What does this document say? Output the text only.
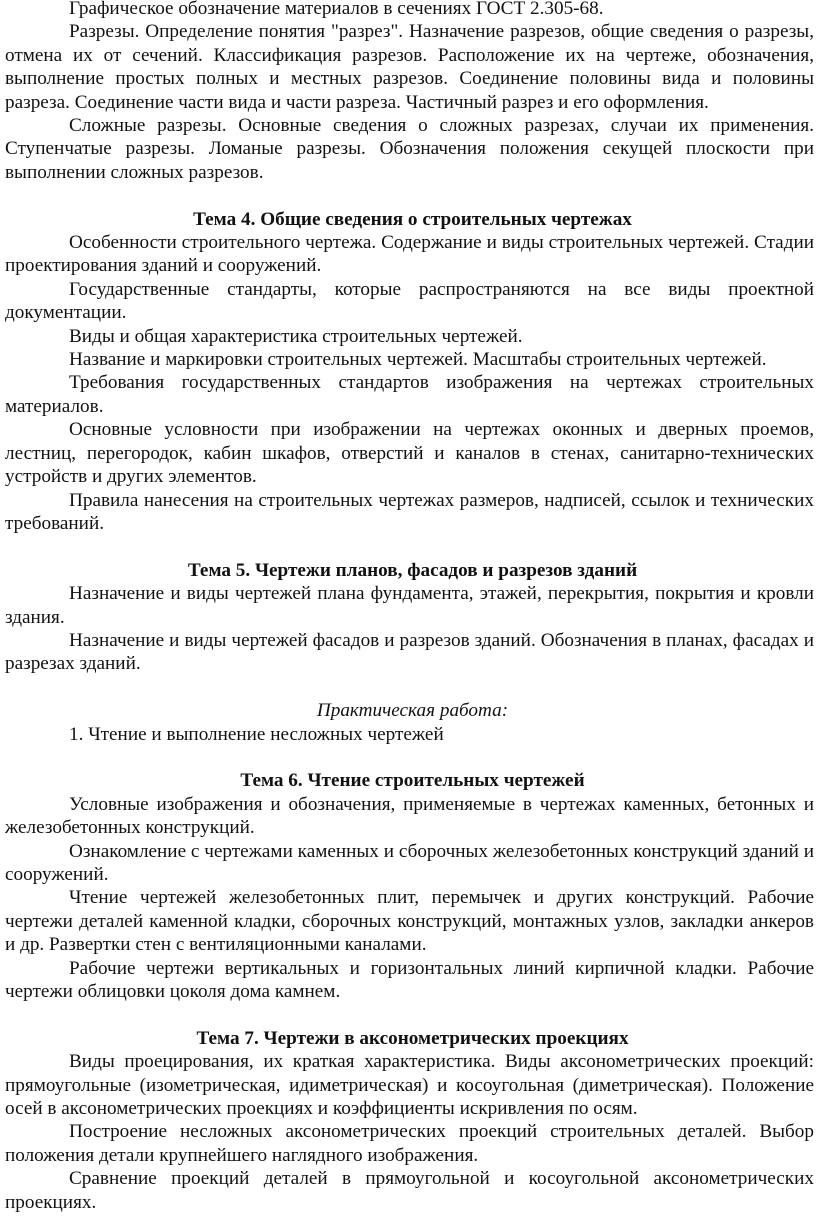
Графическое обозначение материалов в сечениях ГОСТ 2.305-68.

Разрезы. Определение понятия "разрез". Назначение разрезов, общие сведения о разрезы, отмена их от сечений. Классификация разрезов. Расположение их на чертеже, обозначения, выполнение простых полных и местных разрезов. Соединение половины вида и половины разреза. Соединение части вида и части разреза. Частичный разрез и его оформления.

Сложные разрезы. Основные сведения о сложных разрезах, случаи их применения. Ступенчатые разрезы. Ломаные разрезы. Обозначения положения секущей плоскости при выполнении сложных разрезов.

Тема 4. Общие сведения о строительных чертежах

Особенности строительного чертежа. Содержание и виды строительных чертежей. Стадии проектирования зданий и сооружений.

Государственные стандарты, которые распространяются на все виды проектной документации.

Виды и общая характеристика строительных чертежей.

Название и маркировки строительных чертежей. Масштабы строительных чертежей.

Требования государственных стандартов изображения на чертежах строительных материалов.

Основные условности при изображении на чертежах оконных и дверных проемов, лестниц, перегородок, кабин шкафов, отверстий и каналов в стенах, санитарно-технических устройств и других элементов.

Правила нанесения на строительных чертежах размеров, надписей, ссылок и технических требований.

Тема 5. Чертежи планов, фасадов и разрезов зданий

Назначение и виды чертежей плана фундамента, этажей, перекрытия, покрытия и кровли здания.

Назначение и виды чертежей фасадов и разрезов зданий. Обозначения в планах, фасадах и разрезах зданий.

Практическая работа:

1. Чтение и выполнение несложных чертежей

Тема 6. Чтение строительных чертежей

Условные изображения и обозначения, применяемые в чертежах каменных, бетонных и железобетонных конструкций.

Ознакомление с чертежами каменных и сборочных железобетонных конструкций зданий и сооружений.

Чтение чертежей железобетонных плит, перемычек и других конструкций. Рабочие чертежи деталей каменной кладки, сборочных конструкций, монтажных узлов, закладки анкеров и др. Развертки стен с вентиляционными каналами.

Рабочие чертежи вертикальных и горизонтальных линий кирпичной кладки. Рабочие чертежи облицовки цоколя дома камнем.

Тема 7. Чертежи в аксонометрических проекциях

Виды проецирования, их краткая характеристика. Виды аксонометрических проекций: прямоугольные (изометрическая, идиметрическая) и косоугольная (диметрическая). Положение осей в аксонометрических проекциях и коэффициенты искривления по осям.

Построение несложных аксонометрических проекций строительных деталей. Выбор положения детали крупнейшего наглядного изображения.

Сравнение проекций деталей в прямоугольной и косоугольной аксонометрических проекциях.
